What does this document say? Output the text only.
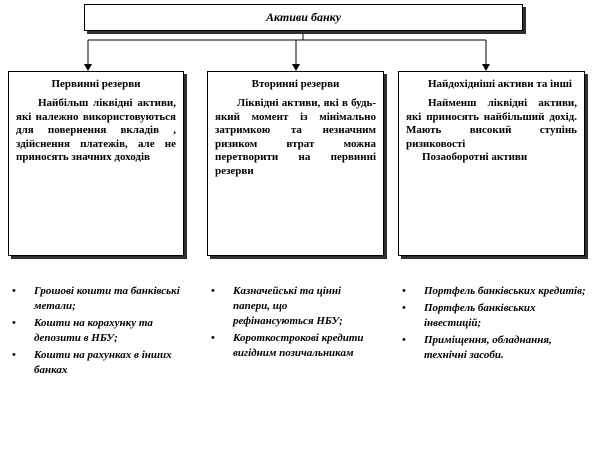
Активи банку
Первинні резерви
Найбільш ліквідні активи, які належно використовуються для повернення вкладів , здійснення платежів, але не приносять значних доходів
Вторинні резерви
Ліквідні активи, які в будь-який момент із мінімально затримкою та незначним ризиком втрат можна перетворити на первинні резерви
Найдохідніші активи та інші
Найменш ліквідні активи, які приносять найбільший дохід. Мають високий ступінь ризиковості
Позаоборотні активи
• Грошові кошти та банківські метали;
• Кошти на корахунку та депозити в НБУ;
• Кошти на рахунках в інших банках
• Казначейські та цінні папери, що рефінансуються НБУ;
• Короткострокові кредити вигідним позичальникам
• Портфель банківських кредитів;
• Портфель банківських інвестицій;
• Приміщення, обладнання, технічні засоби.
